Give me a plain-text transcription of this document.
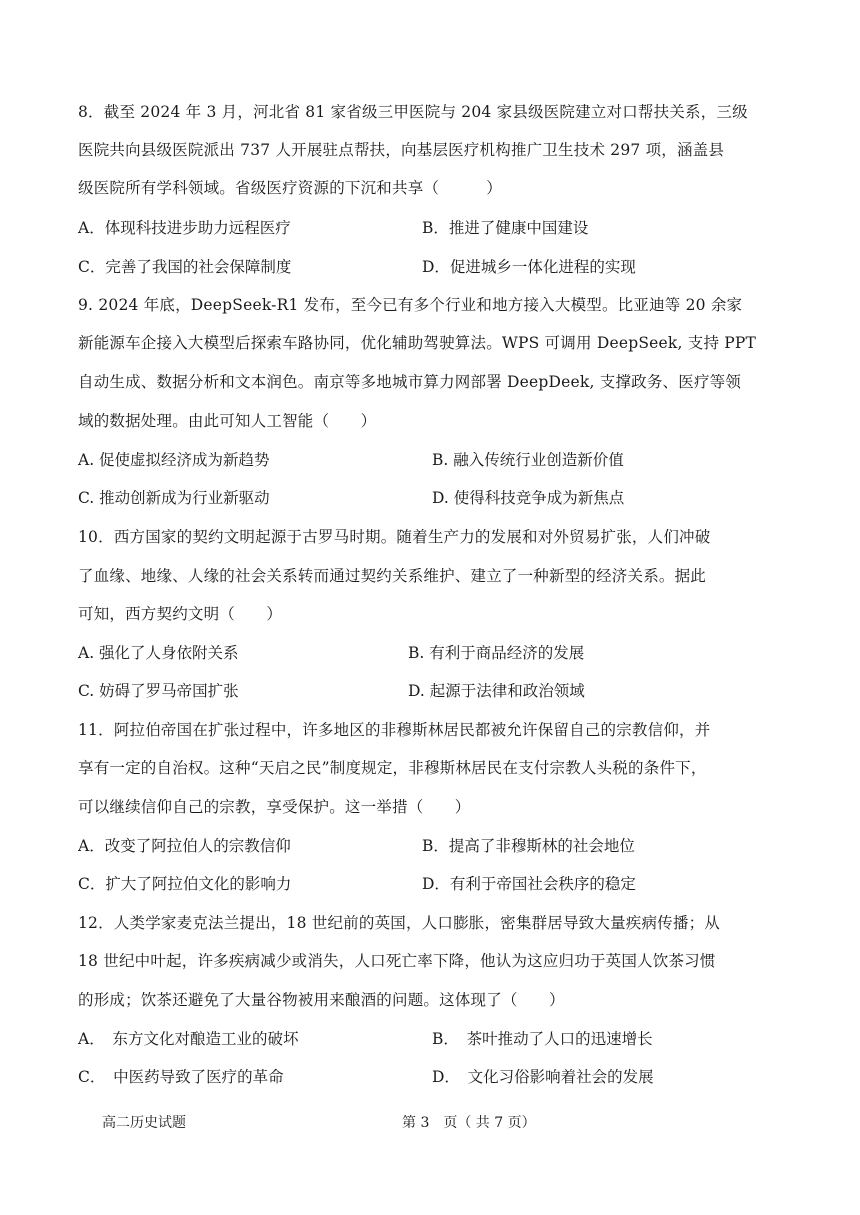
8．截至 2024 年 3 月，河北省 81 家省级三甲医院与 204 家县级医院建立对口帮扶关系，三级
医院共向县级医院派出 737 人开展驻点帮扶，向基层医疗机构推广卫生技术 297 项，涵盖县
级医院所有学科领域。省级医疗资源的下沉和共享（　　　）
A．体现科技进步助力远程医疗	B．推进了健康中国建设
C．完善了我国的社会保障制度	D．促进城乡一体化进程的实现
9. 2024 年底，DeepSeek-R1 发布，至今已有多个行业和地方接入大模型。比亚迪等 20 余家
新能源车企接入大模型后探索车路协同，优化辅助驾驶算法。WPS 可调用 DeepSeek, 支持 PPT
自动生成、数据分析和文本润色。南京等多地城市算力网部署 DeepDeek, 支撑政务、医疗等领
域的数据处理。由此可知人工智能（　　）
A. 促使虚拟经济成为新趋势	B. 融入传统行业创造新价值
C. 推动创新成为行业新驱动	D. 使得科技竞争成为新焦点
10．西方国家的契约文明起源于古罗马时期。随着生产力的发展和对外贸易扩张，人们冲破
了血缘、地缘、人缘的社会关系转而通过契约关系维护、建立了一种新型的经济关系。据此
可知，西方契约文明（　　）
A. 强化了人身依附关系	B. 有利于商品经济的发展
C. 妨碍了罗马帝国扩张	D. 起源于法律和政治领域
11．阿拉伯帝国在扩张过程中，许多地区的非穆斯林居民都被允许保留自己的宗教信仰，并
享有一定的自治权。这种“天启之民”制度规定，非穆斯林居民在支付宗教人头税的条件下，
可以继续信仰自己的宗教，享受保护。这一举措（　　）
A．改变了阿拉伯人的宗教信仰	B．提高了非穆斯林的社会地位
C．扩大了阿拉伯文化的影响力	D．有利于帝国社会秩序的稳定
12．人类学家麦克法兰提出，18 世纪前的英国，人口膨胀，密集群居导致大量疾病传播；从
18 世纪中叶起，许多疾病减少或消失，人口死亡率下降，他认为这应归功于英国人饮茶习惯
的形成；饮茶还避免了大量谷物被用来酿酒的问题。这体现了（　　）
A．　东方文化对酿造工业的破坏	B．　茶叶推动了人口的迅速增长
C．　中医药导致了医疗的革命	D．　文化习俗影响着社会的发展
高二历史试题	第 3　页（ 共 7 页）
